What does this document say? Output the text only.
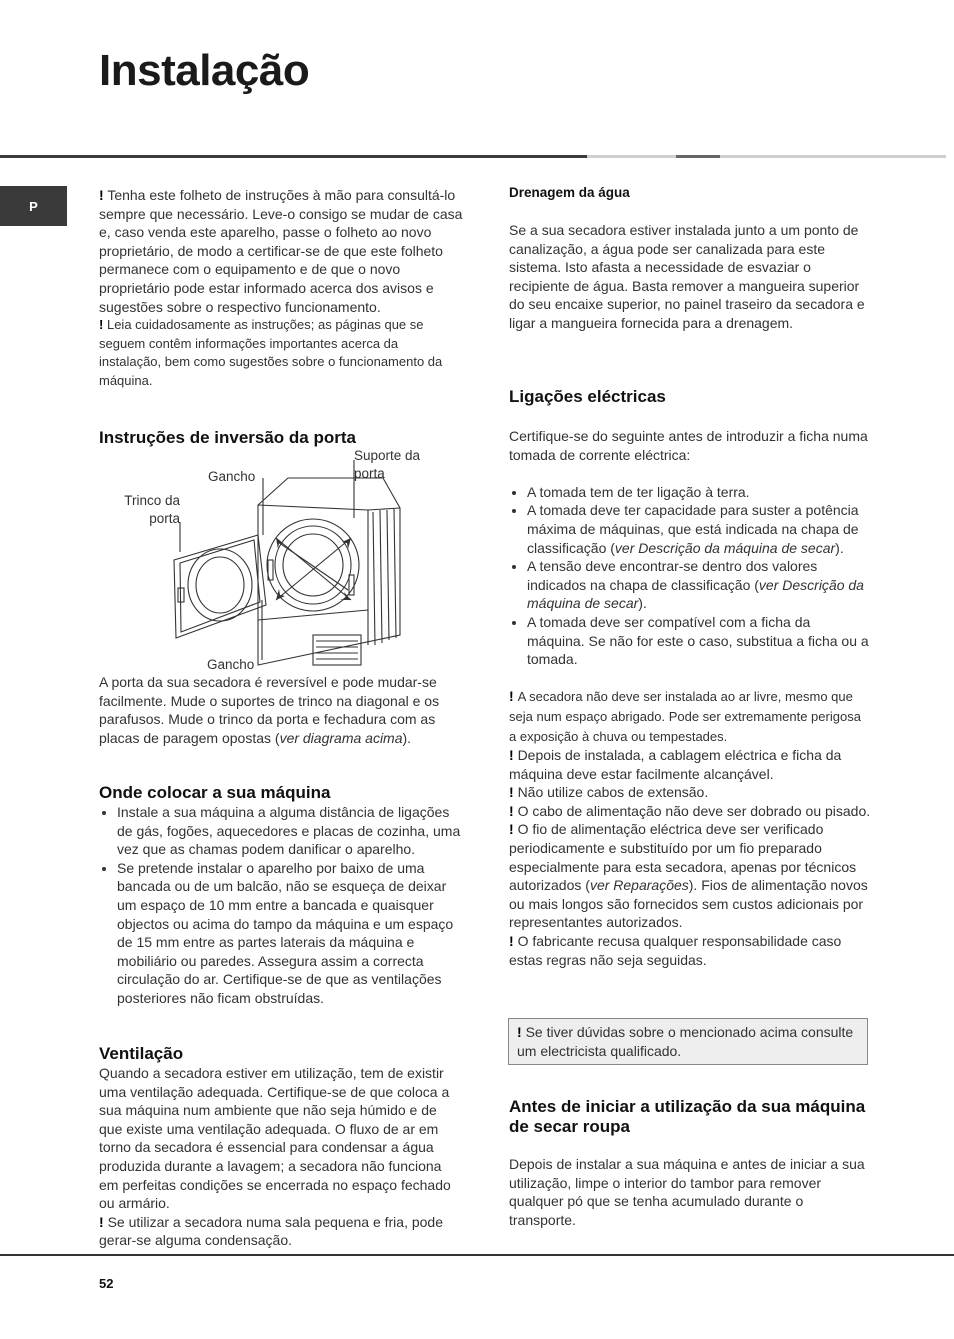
Instalação
P

! Tenha este folheto de instruções à mão para consultá-lo sempre que necessário. Leve-o consigo se mudar de casa e, caso venda este aparelho, passe o folheto ao novo proprietário, de modo a certificar-se de que este folheto permanece com o equipamento e de que o novo proprietário pode estar informado acerca dos avisos e sugestões sobre o respectivo funcionamento.

! Leia cuidadosamente as instruções; as páginas que se seguem contêm informações importantes acerca da instalação, bem como sugestões sobre o funcionamento da máquina.

Instruções de inversão da porta
Gancho
Suporte da porta
Trinco da porta
Gancho

A porta da sua secadora é reversível e pode mudar-se facilmente. Mude o suportes de trinco na diagonal e os parafusos. Mude o trinco da porta e fechadura com as placas de paragem opostas (ver diagrama acima).

Onde colocar a sua máquina
• Instale a sua máquina a alguma distância de ligações de gás, fogões, aquecedores e placas de cozinha, uma vez que as chamas podem danificar o aparelho.
• Se pretende instalar o aparelho por baixo de uma bancada ou de um balcão, não se esqueça de deixar um espaço de 10 mm entre a bancada e quaisquer objectos ou acima do tampo da máquina e um espaço de 15 mm entre as partes laterais da máquina e mobiliário ou paredes. Assegura assim a correcta circulação do ar. Certifique-se de que as ventilações posteriores não ficam obstruídas.
Ventilação

Quando a secadora estiver em utilização, tem de existir uma ventilação adequada. Certifique-se de que coloca a sua máquina num ambiente que não seja húmido e de que existe uma ventilação adequada. O fluxo de ar em torno da secadora é essencial para condensar a água produzida durante a lavagem; a secadora não funciona em perfeitas condições se encerrada no espaço fechado ou armário.

! Se utilizar a secadora numa sala pequena e fria, pode gerar-se alguma condensação.

Drenagem da água

Se a sua secadora estiver instalada junto a um ponto de canalização, a água pode ser canalizada para este sistema. Isto afasta a necessidade de esvaziar o recipiente de água. Basta remover a mangueira superior do seu encaixe superior, no painel traseiro da secadora e ligar a mangueira fornecida para a drenagem.

Ligações eléctricas

Certifique-se do seguinte antes de introduzir a ficha numa tomada de corrente eléctrica:

• A tomada tem de ter ligação à terra.
• A tomada deve ter capacidade para suster a potência máxima de máquinas, que está indicada na chapa de classificação (ver Descrição da máquina de secar).
• A tensão deve encontrar-se dentro dos valores indicados na chapa de classificação (ver Descrição da máquina de secar).
• A tomada deve ser compatível com a ficha da máquina. Se não for este o caso, substitua a ficha ou a tomada.

! A secadora não deve ser instalada ao ar livre, mesmo que seja num espaço abrigado. Pode ser extremamente perigosa a exposição à chuva ou tempestades.

! Depois de instalada, a cablagem eléctrica e ficha da máquina deve estar facilmente alcançável.

! Não utilize cabos de extensão.

! O cabo de alimentação não deve ser dobrado ou pisado.

! O fio de alimentação eléctrica deve ser verificado periodicamente e substituído por um fio preparado especialmente para esta secadora, apenas por técnicos autorizados (ver Reparações). Fios de alimentação novos ou mais longos são fornecidos sem custos adicionais por representantes autorizados.

! O fabricante recusa qualquer responsabilidade caso estas regras não seja seguidas.

! Se tiver dúvidas sobre o mencionado acima consulte um electricista qualificado.

Antes de iniciar a utilização da sua máquina de secar roupa

Depois de instalar a sua máquina e antes de iniciar a sua utilização, limpe o interior do tambor para remover qualquer pó que se tenha acumulado durante o transporte.

52
